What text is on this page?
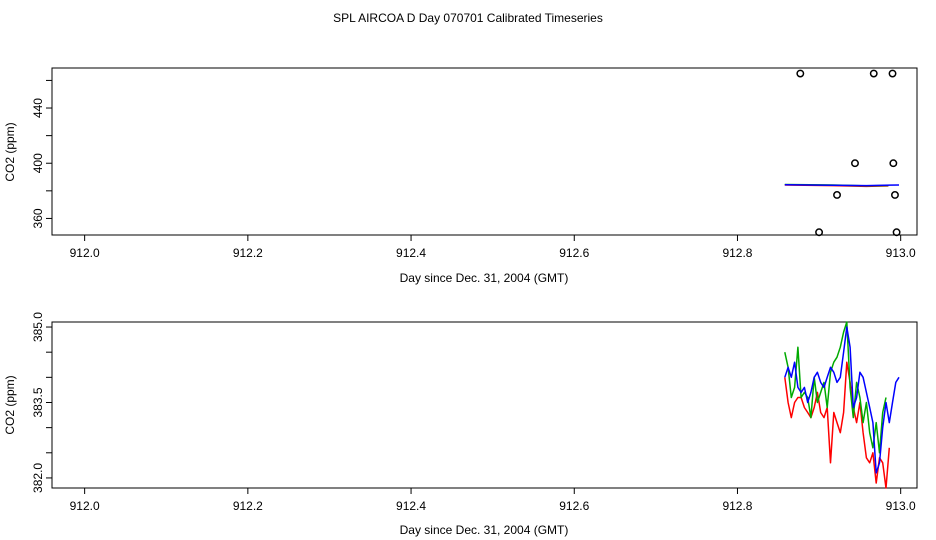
SPL AIRCOA D Day 070701 Calibrated Timeseries
CO2 (ppm)
Day since Dec. 31, 2004 (GMT)
912.0	912.2	912.4	912.6	912.8	913.0
360
400
440
CO2 (ppm)
Day since Dec. 31, 2004 (GMT)
912.0	912.2	912.4	912.6	912.8	913.0
382.0
383.5
385.0
